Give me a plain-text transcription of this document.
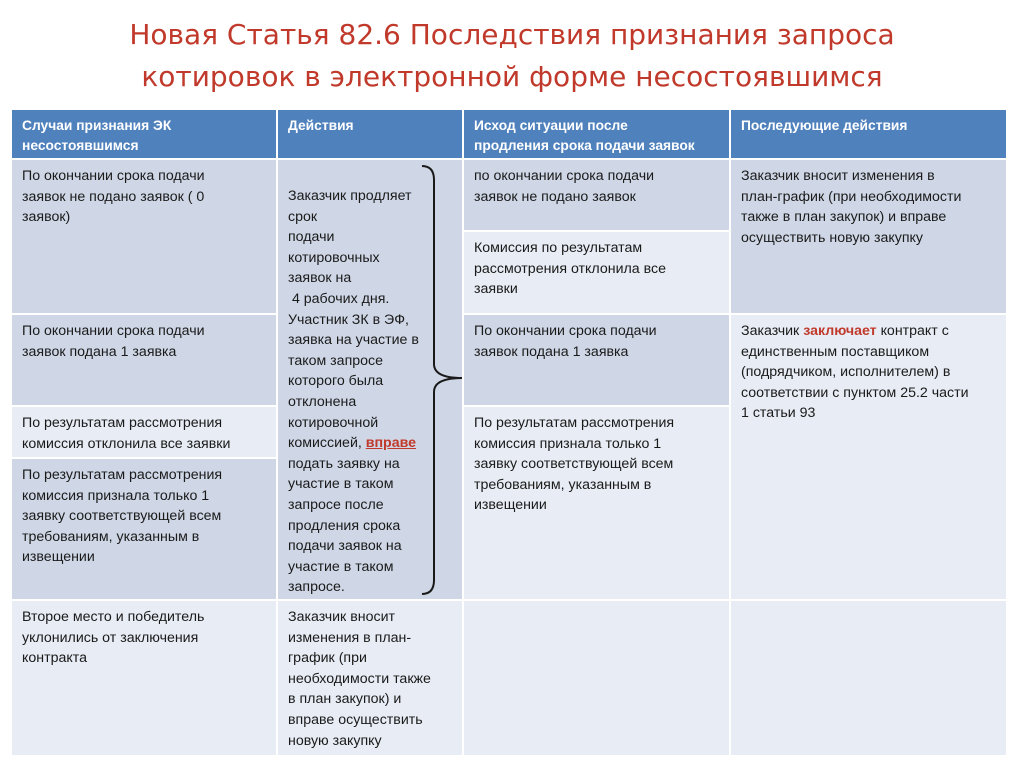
Новая Статья 82.6 Последствия признания запроса
котировок в электронной форме несостоявшимся
Случаи признания ЭК
несостоявшимся
Действия	Исход ситуации после
продления срока подачи заявок
Последующие действия
По окончании срока подачи
заявок не подано заявок ( 0
заявок)
По окончании срока подачи
заявок подана 1 заявка
По результатам рассмотрения
комиссия отклонила все заявки
По результатам рассмотрения
комиссия признала только 1
заявку соответствующей всем
требованиям, указанным в
извещении
Второе место и победитель
уклонились от заключения
контракта
Заказчик продляет
срок
подачи
котировочных
заявок на
4 рабочих дня.
Участник ЗК в ЭФ,
заявка на участие в
таком запросе
которого была
отклонена
котировочной
комиссией, вправе
подать заявку на
участие в таком
запросе после
продления срока
подачи заявок на
участие в таком
запросе.
Заказчик вносит
изменения в план-
график (при
необходимости также
в план закупок) и
вправе осуществить
новую закупку
по окончании срока подачи
заявок не подано заявок
Комиссия по результатам
рассмотрения отклонила все
заявки
По окончании срока подачи
заявок подана 1 заявка
По результатам рассмотрения
комиссия признала только 1
заявку соответствующей всем
требованиям, указанным в
извещении
Заказчик вносит изменения в
план-график (при необходимости
также в план закупок) и вправе
осуществить новую закупку
Заказчик заключает контракт с
единственным поставщиком
(подрядчиком, исполнителем) в
соответствии с пунктом 25.2 части
1 статьи 93
